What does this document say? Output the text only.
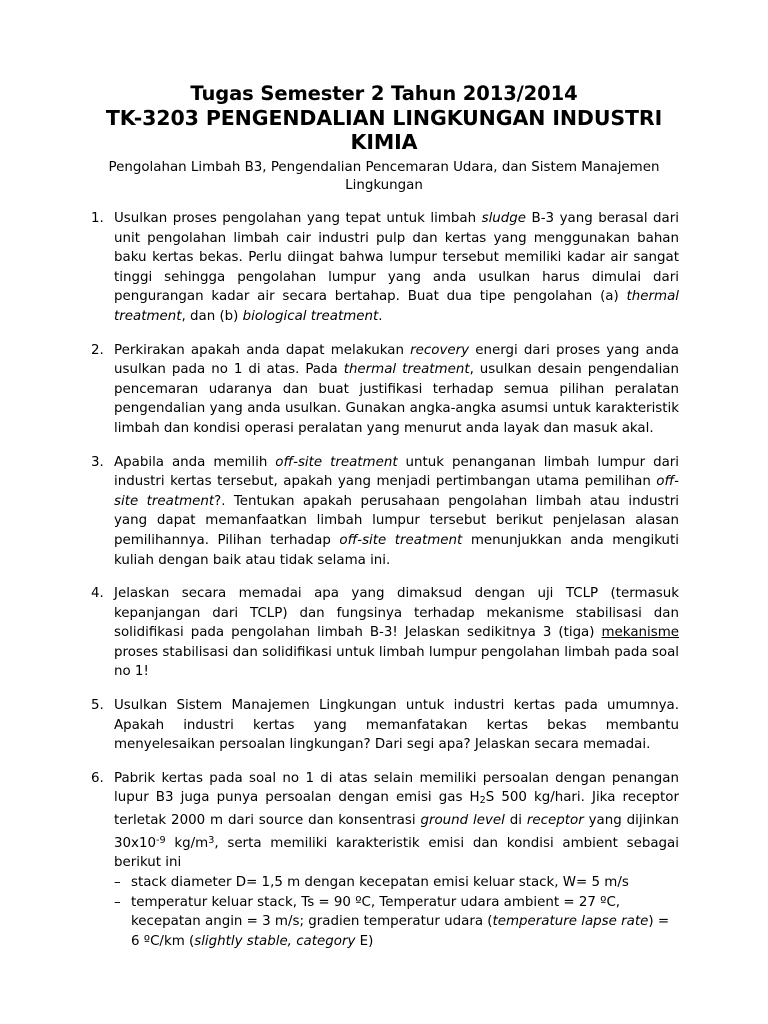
Tugas Semester 2 Tahun 2013/2014
TK-3203 PENGENDALIAN LINGKUNGAN INDUSTRI
KIMIA
Pengolahan Limbah B3, Pengendalian Pencemaran Udara, dan Sistem Manajemen Lingkungan
1. Usulkan proses pengolahan yang tepat untuk limbah sludge B-3 yang berasal dari unit pengolahan limbah cair industri pulp dan kertas yang menggunakan bahan baku kertas bekas. Perlu diingat bahwa lumpur tersebut memiliki kadar air sangat tinggi sehingga pengolahan lumpur yang anda usulkan harus dimulai dari pengurangan kadar air secara bertahap. Buat dua tipe pengolahan (a) thermal treatment, dan (b) biological treatment.
2. Perkirakan apakah anda dapat melakukan recovery energi dari proses yang anda usulkan pada no 1 di atas. Pada thermal treatment, usulkan desain pengendalian pencemaran udaranya dan buat justifikasi terhadap semua pilihan peralatan pengendalian yang anda usulkan. Gunakan angka-angka asumsi untuk karakteristik limbah dan kondisi operasi peralatan yang menurut anda layak dan masuk akal.
3. Apabila anda memilih off-site treatment untuk penanganan limbah lumpur dari industri kertas tersebut, apakah yang menjadi pertimbangan utama pemilihan off-site treatment?. Tentukan apakah perusahaan pengolahan limbah atau industri yang dapat memanfaatkan limbah lumpur tersebut berikut penjelasan alasan pemilihannya. Pilihan terhadap off-site treatment menunjukkan anda mengikuti kuliah dengan baik atau tidak selama ini.
4. Jelaskan secara memadai apa yang dimaksud dengan uji TCLP (termasuk kepanjangan dari TCLP) dan fungsinya terhadap mekanisme stabilisasi dan solidifikasi pada pengolahan limbah B-3! Jelaskan sedikitnya 3 (tiga) mekanisme proses stabilisasi dan solidifikasi untuk limbah lumpur pengolahan limbah pada soal no 1!
5. Usulkan Sistem Manajemen Lingkungan untuk industri kertas pada umumnya. Apakah industri kertas yang memanfatakan kertas bekas membantu menyelesaikan persoalan lingkungan? Dari segi apa? Jelaskan secara memadai.
6. Pabrik kertas pada soal no 1 di atas selain memiliki persoalan dengan penangan lupur B3 juga punya persoalan dengan emisi gas $H_2S$ 500 kg/hari. Jika receptor terletak 2000 m dari source dan konsentrasi ground level di receptor yang dijinkan $30x10^{-9}$ $kg/m^3$, serta memiliki karakteristik emisi dan kondisi ambient sebagai berikut ini
– stack diameter D= 1,5 m dengan kecepatan emisi keluar stack, W= 5 m/s
– temperatur keluar stack, Ts = 90 ºC, Temperatur udara ambient = 27 ºC, kecepatan angin = 3 m/s; gradien temperatur udara (temperature lapse rate) = 6 ºC/km (slightly stable, category E)
